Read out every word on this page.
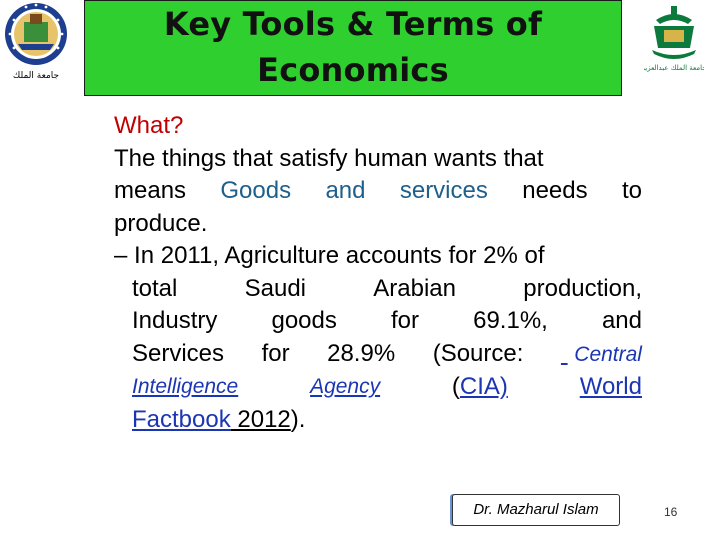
جامعة الملك
Key Tools & Terms of
Economics	جامعة الملك عبدالعزيز
What?
The things that satisfy human wants that
means Goods and services needs to
produce.
– In 2011, Agriculture accounts for 2% of
total	Saudi	Arabian	production,
Industry goods for 69.1%, and
Services for 28.9% (Source:	Central
Intelligence	Agency	(CIA)	World
Factbook 2012).
Dr. Mazharul Islam	16
